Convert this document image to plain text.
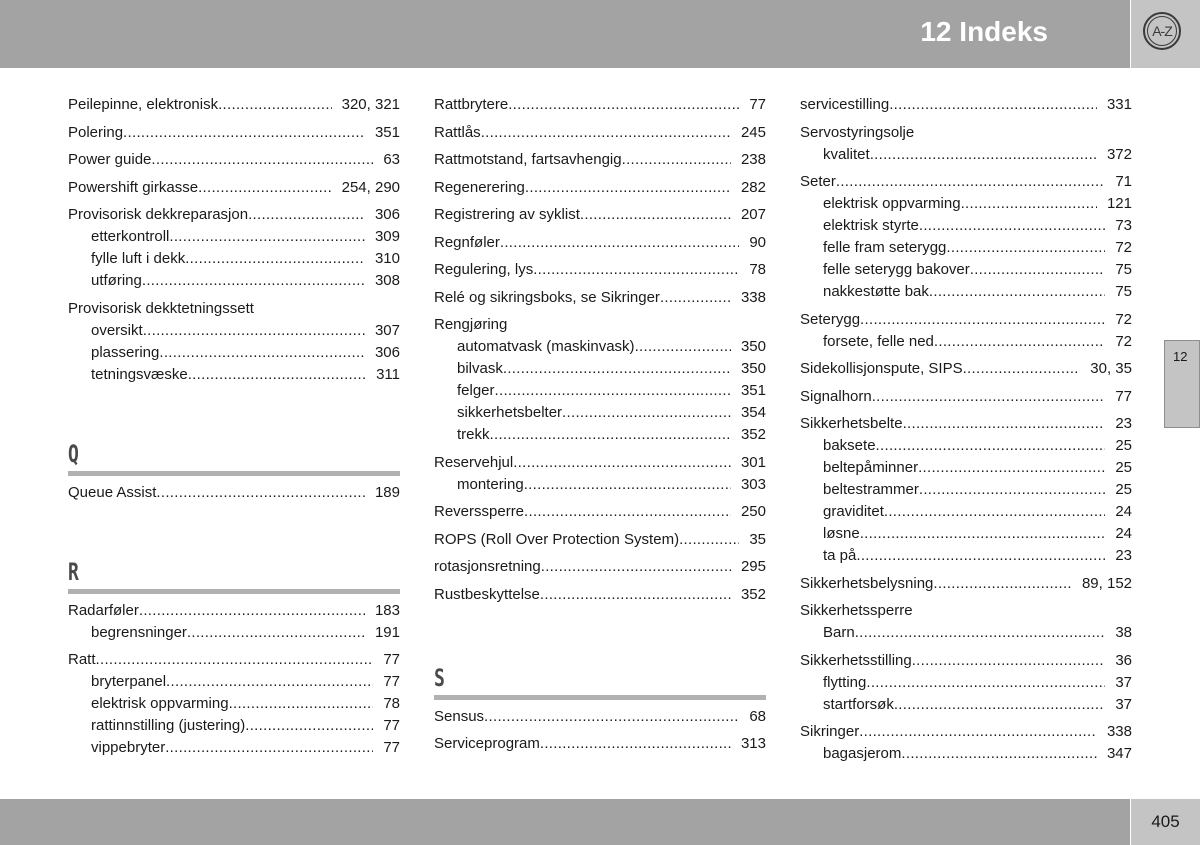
12 Indeks	A-Z
12
Peilepinne, elektronisk .....	320, 321
Polering .....	351
Power guide .....	63
Powershift girkasse .....	254, 290
Provisorisk dekkreparasjon .....	306
etterkontroll .....	309
fylle luft i dekk .....	310
utføring .....	308
Provisorisk dekktetningssett
oversikt .....	307
plassering .....	306
tetningsvæske .....	311
Q
Queue Assist .....	189
R
Radarføler .....	183
begrensninger .....	191
Ratt .....	77
bryterpanel .....	77
elektrisk oppvarming .....	78
rattinnstilling (justering) .....	77
vippebryter .....	77
Rattbrytere .....	77
Rattlås .....	245
Rattmotstand, fartsavhengig .....	238
Regenerering .....	282
Registrering av syklist .....	207
Regnføler .....	90
Regulering, lys .....	78
Relé og sikringsboks, se Sikringer .....	338
Rengjøring
automatvask (maskinvask) .....	350
bilvask .....	350
felger .....	351
sikkerhetsbelter .....	354
trekk .....	352
Reservehjul .....	301
montering .....	303
Reverssperre .....	250
ROPS (Roll Over Protection System) .....	35
rotasjonsretning .....	295
Rustbeskyttelse .....	352
S
Sensus .....	68
Serviceprogram .....	313
servicestilling .....	331
Servostyringsolje
kvalitet .....	372
Seter .....	71
elektrisk oppvarming .....	121
elektrisk styrte .....	73
felle fram seterygg .....	72
felle seterygg bakover .....	75
nakkestøtte bak .....	75
Seterygg .....	72
forsete, felle ned .....	72
Sidekollisjonspute, SIPS .....	30, 35
Signalhorn .....	77
Sikkerhetsbelte .....	23
baksete .....	25
beltepåminner .....	25
beltestrammer .....	25
graviditet .....	24
løsne .....	24
ta på .....	23
Sikkerhetsbelysning .....	89, 152
Sikkerhetssperre
Barn .....	38
Sikkerhetsstilling .....	36
flytting .....	37
startforsøk .....	37
Sikringer .....	338
bagasjerom .....	347
405
